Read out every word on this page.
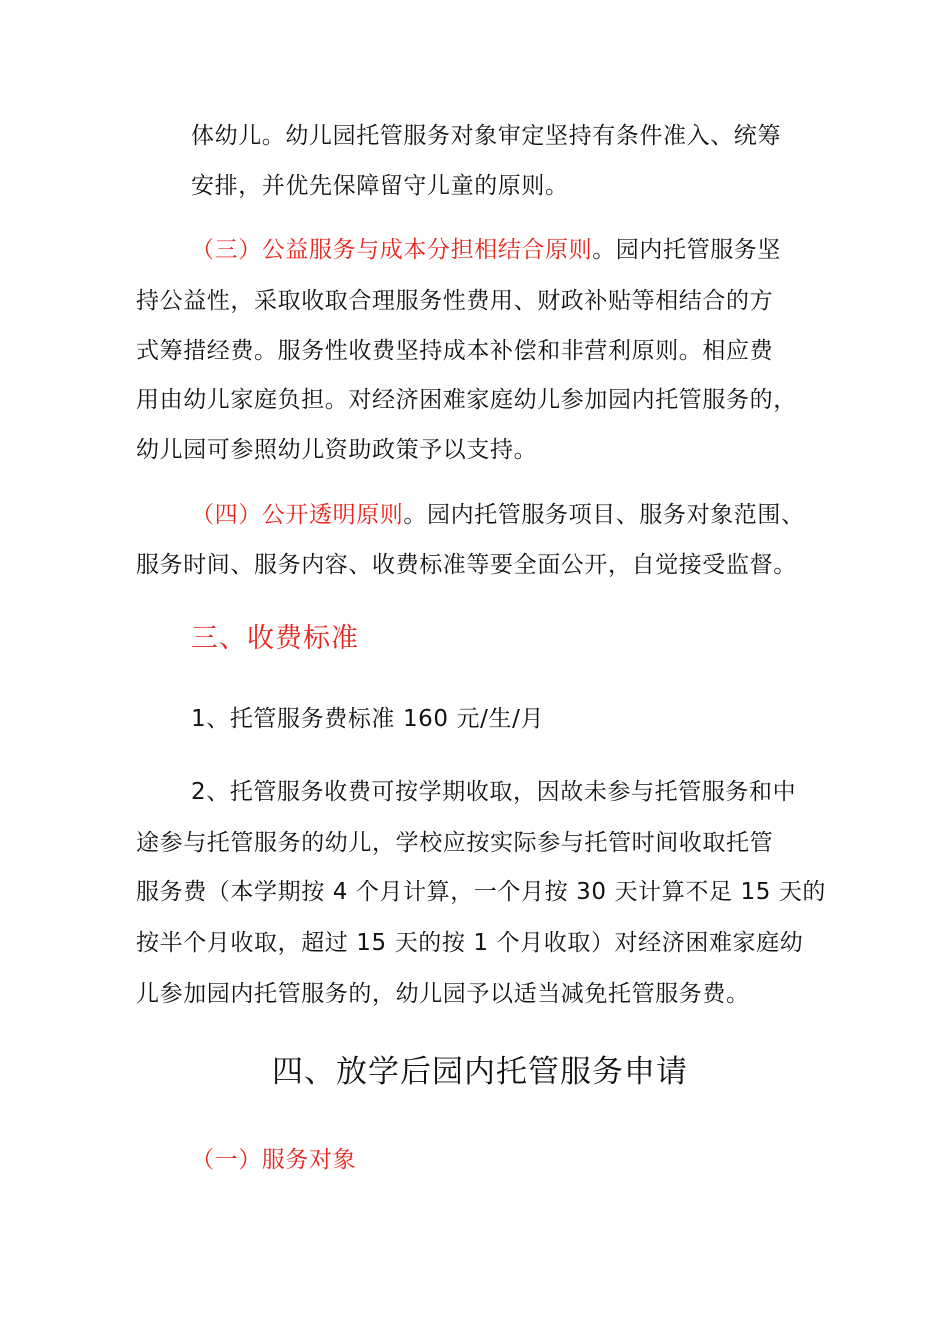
体幼儿。幼儿园托管服务对象审定坚持有条件准入、统筹
安排，并优先保障留守儿童的原则。
（三）公益服务与成本分担相结合原则。园内托管服务坚
持公益性，采取收取合理服务性费用、财政补贴等相结合的方
式筹措经费。服务性收费坚持成本补偿和非营利原则。相应费
用由幼儿家庭负担。对经济困难家庭幼儿参加园内托管服务的，
幼儿园可参照幼儿资助政策予以支持。
（四）公开透明原则。园内托管服务项目、服务对象范围、
服务时间、服务内容、收费标准等要全面公开，自觉接受监督。
三、收费标准
1、托管服务费标准 160 元/生/月
2、托管服务收费可按学期收取，因故未参与托管服务和中
途参与托管服务的幼儿，学校应按实际参与托管时间收取托管
服务费（本学期按 4 个月计算，一个月按 30 天计算不足 15 天的
按半个月收取，超过 15 天的按 1 个月收取）对经济困难家庭幼
儿参加园内托管服务的，幼儿园予以适当减免托管服务费。
四、放学后园内托管服务申请
（一）服务对象
